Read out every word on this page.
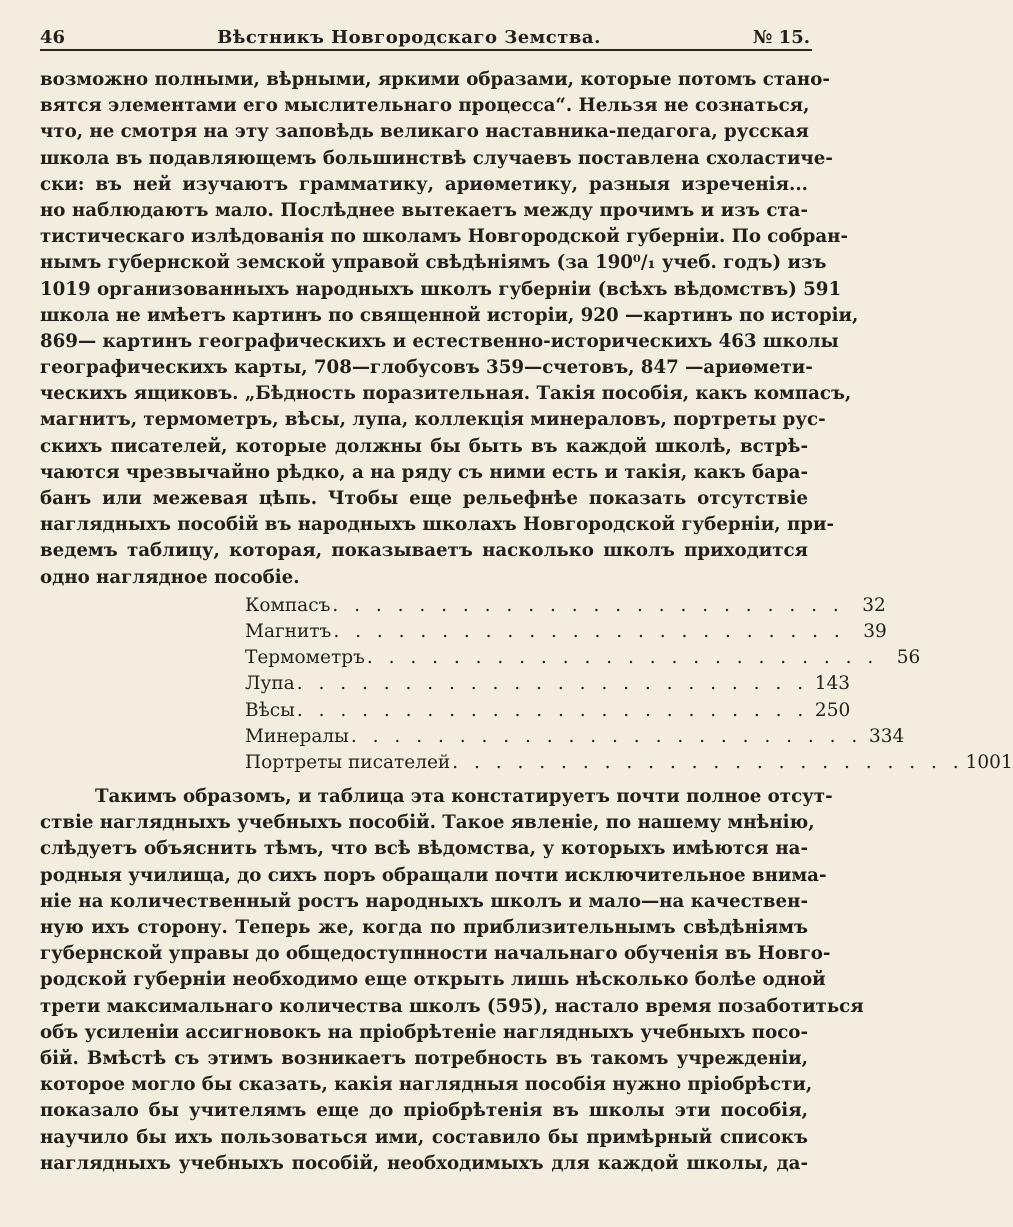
46	Вѣстникъ Новгородскаго Земства.	№ 15.
возможно полными, вѣрными, яркими образами, которые потомъ стано-
вятся элементами его мыслительнаго процесса“. Нельзя не сознаться,
что, не смотря на эту заповѣдь великаго наставника-педагога, русская
школа въ подавляющемъ большинствѣ случаевъ поставлена схоластиче-
ски: въ ней изучаютъ грамматику, ариѳметику, разныя изреченія...
но наблюдаютъ мало. Послѣднее вытекаетъ между прочимъ и изъ ста-
тистическаго излѣдованія по школамъ Новгородской губерніи. По собран-
нымъ губернской земской управой свѣдѣніямъ (за 190⁰/₁ учеб. годъ) изъ
1019 организованныхъ народныхъ школъ губерніи (всѣхъ вѣдомствъ) 591
школа не имѣетъ картинъ по священной исторіи, 920 —картинъ по исторіи,
869— картинъ географическихъ и естественно-историческихъ 463 школы
географическихъ карты, 708—глобусовъ 359—счетовъ, 847 —ариѳмети-
ческихъ ящиковъ. „Бѣдность поразительная. Такія пособія, какъ компасъ,
магнитъ, термометръ, вѣсы, лупа, коллекція минераловъ, портреты рус-
скихъ писателей, которые должны бы быть въ каждой школѣ, встрѣ-
чаются чрезвычайно рѣдко, а на ряду съ ними есть и такія, какъ бара-
банъ или межевая цѣпь. Чтобы еще рельефнѣе показать отсутствіе
наглядныхъ пособій въ народныхъ школахъ Новгородской губерніи, при-
ведемъ таблицу, которая, показываетъ насколько школъ приходится
одно наглядное пособіе.
Компасъ . . . . . . . . . . . . . . . . . . . . . . . . 32
Магнитъ . . . . . . . . . . . . . . . . . . . . . . . . 39
Термометръ . . . . . . . . . . . . . . . . . . . . . . . . 56
Лупа . . . . . . . . . . . . . . . . . . . . . . . . 143
Вѣсы . . . . . . . . . . . . . . . . . . . . . . . . 250
Минералы . . . . . . . . . . . . . . . . . . . . . . . . 334
Портреты писателей . . . . . . . . . . . . . . . . . . . . . . . . 1001
Такимъ образомъ, и таблица эта констатируетъ почти полное отсут-
ствіе наглядныхъ учебныхъ пособій. Такое явленіе, по нашему мнѣнію,
слѣдуетъ объяснить тѣмъ, что всѣ вѣдомства, у которыхъ имѣются на-
родныя училища, до сихъ поръ обращали почти исключительное внима-
ніе на количественный ростъ народныхъ школъ и мало—на качествен-
ную ихъ сторону. Теперь же, когда по приблизительнымъ свѣдѣніямъ
губернской управы до общедоступнности начальнаго обученія въ Новго-
родской губерніи необходимо еще открыть лишь нѣсколько болѣе одной
трети максимальнаго количества школъ (595), настало время позаботиться
объ усиленіи ассигновокъ на пріобрѣтеніе наглядныхъ учебныхъ посо-
бій. Вмѣстѣ съ этимъ возникаетъ потребность въ такомъ учрежденіи,
которое могло бы сказать, какія наглядныя пособія нужно пріобрѣсти,
показало бы учителямъ еще до пріобрѣтенія въ школы эти пособія,
научило бы ихъ пользоваться ими, составило бы примѣрный списокъ
наглядныхъ учебныхъ пособій, необходимыхъ для каждой школы, да-
